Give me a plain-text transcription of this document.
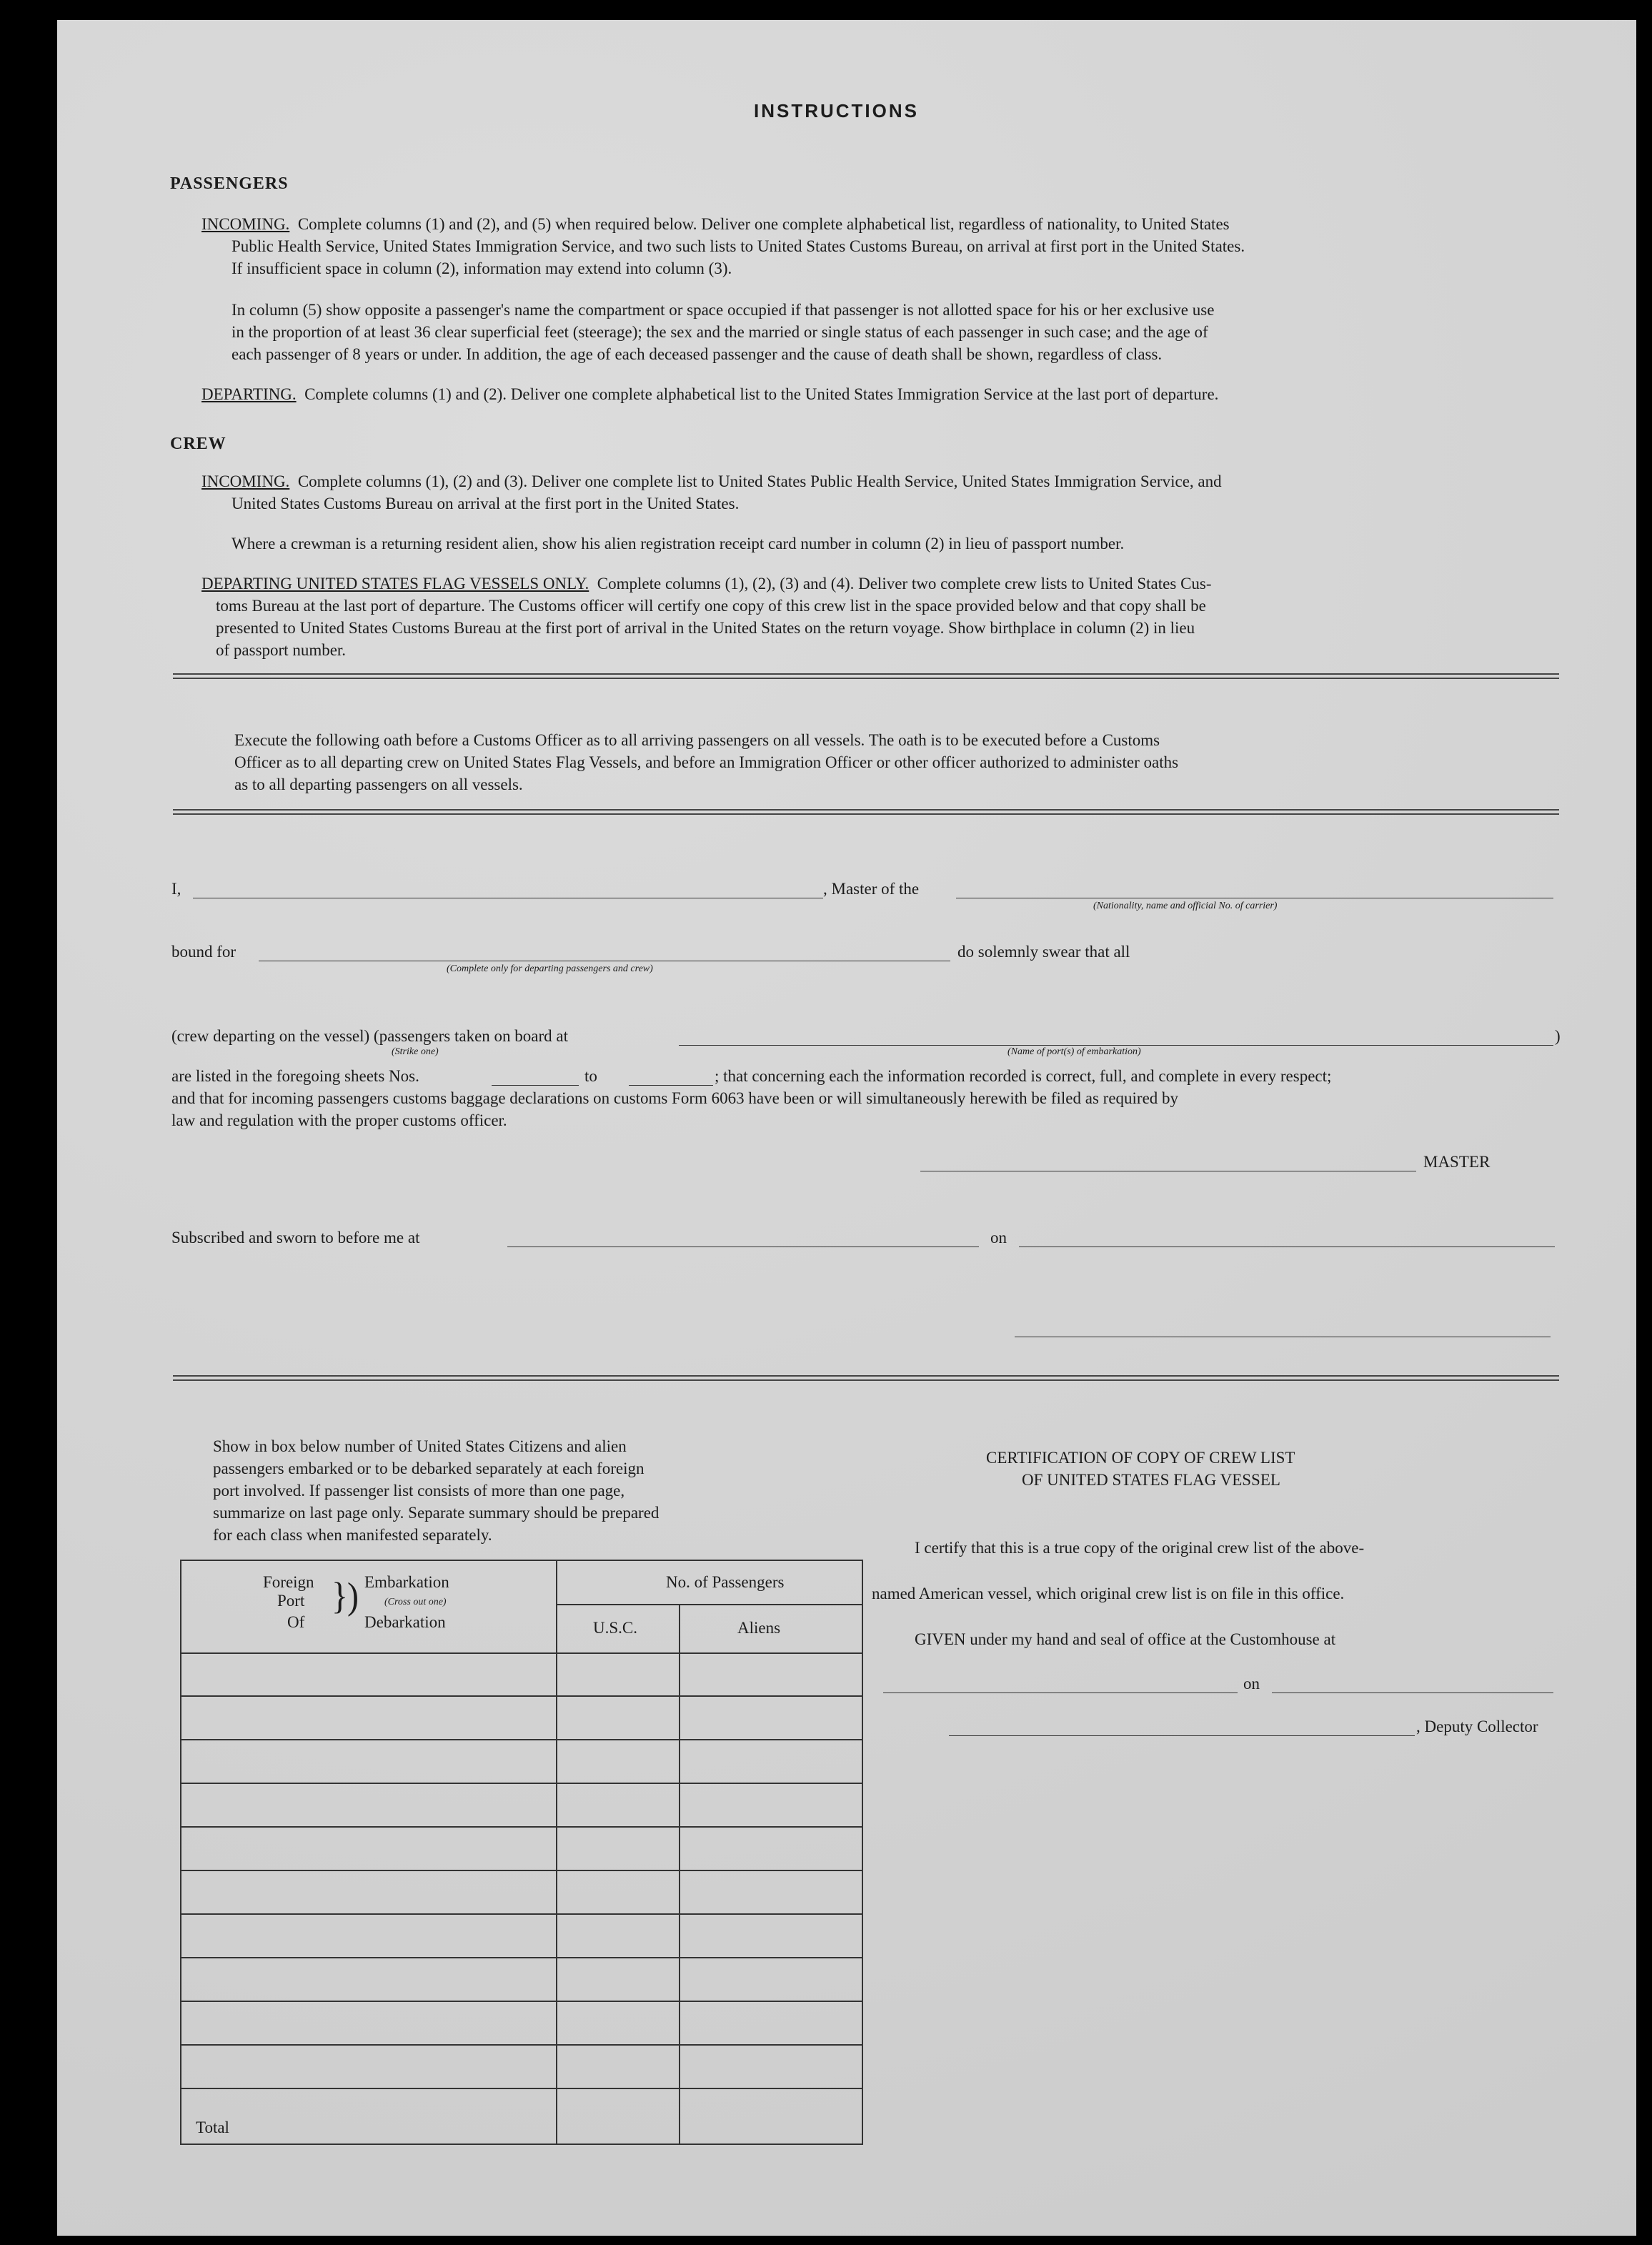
INSTRUCTIONS
PASSENGERS
INCOMING. Complete columns (1) and (2), and (5) when required below. Deliver one complete alphabetical list, regardless of nationality, to United States
Public Health Service, United States Immigration Service, and two such lists to United States Customs Bureau, on arrival at first port in the United States.
If insufficient space in column (2), information may extend into column (3).
In column (5) show opposite a passenger's name the compartment or space occupied if that passenger is not allotted space for his or her exclusive use
in the proportion of at least 36 clear superficial feet (steerage); the sex and the married or single status of each passenger in such case; and the age of
each passenger of 8 years or under. In addition, the age of each deceased passenger and the cause of death shall be shown, regardless of class.
DEPARTING. Complete columns (1) and (2). Deliver one complete alphabetical list to the United States Immigration Service at the last port of departure.
CREW
INCOMING. Complete columns (1), (2) and (3). Deliver one complete list to United States Public Health Service, United States Immigration Service, and
United States Customs Bureau on arrival at the first port in the United States.
Where a crewman is a returning resident alien, show his alien registration receipt card number in column (2) in lieu of passport number.
DEPARTING UNITED STATES FLAG VESSELS ONLY. Complete columns (1), (2), (3) and (4). Deliver two complete crew lists to United States Cus-
toms Bureau at the last port of departure. The Customs officer will certify one copy of this crew list in the space provided below and that copy shall be
presented to United States Customs Bureau at the first port of arrival in the United States on the return voyage. Show birthplace in column (2) in lieu
of passport number.
Execute the following oath before a Customs Officer as to all arriving passengers on all vessels. The oath is to be executed before a Customs
Officer as to all departing crew on United States Flag Vessels, and before an Immigration Officer or other officer authorized to administer oaths
as to all departing passengers on all vessels.
I,	, Master of the
(Nationality, name and official No. of carrier)
bound for
(Complete only for departing passengers and crew)
do solemnly swear that all
(crew departing on the vessel) (passengers taken on board at	)
(Strike one)	(Name of port(s) of embarkation)
are listed in the foregoing sheets Nos.	to	; that concerning each the information recorded is correct, full, and complete in every respect;
and that for incoming passengers customs baggage declarations on customs Form 6063 have been or will simultaneously herewith be filed as required by
law and regulation with the proper customs officer.
MASTER
Subscribed and sworn to before me at	on
Show in box below number of United States Citizens and alien
passengers embarked or to be debarked separately at each foreign
port involved. If passenger list consists of more than one page,
summarize on last page only. Separate summary should be prepared
for each class when manifested separately.
Foreign
Port
Of
}
) Embarkation
(Cross out one)
Debarkation
No. of Passengers
U.S.C.	Aliens
Total
CERTIFICATION OF COPY OF CREW LIST
OF UNITED STATES FLAG VESSEL
I certify that this is a true copy of the original crew list of the above-
named American vessel, which original crew list is on file in this office.
GIVEN under my hand and seal of office at the Customhouse at
on
, Deputy Collector
